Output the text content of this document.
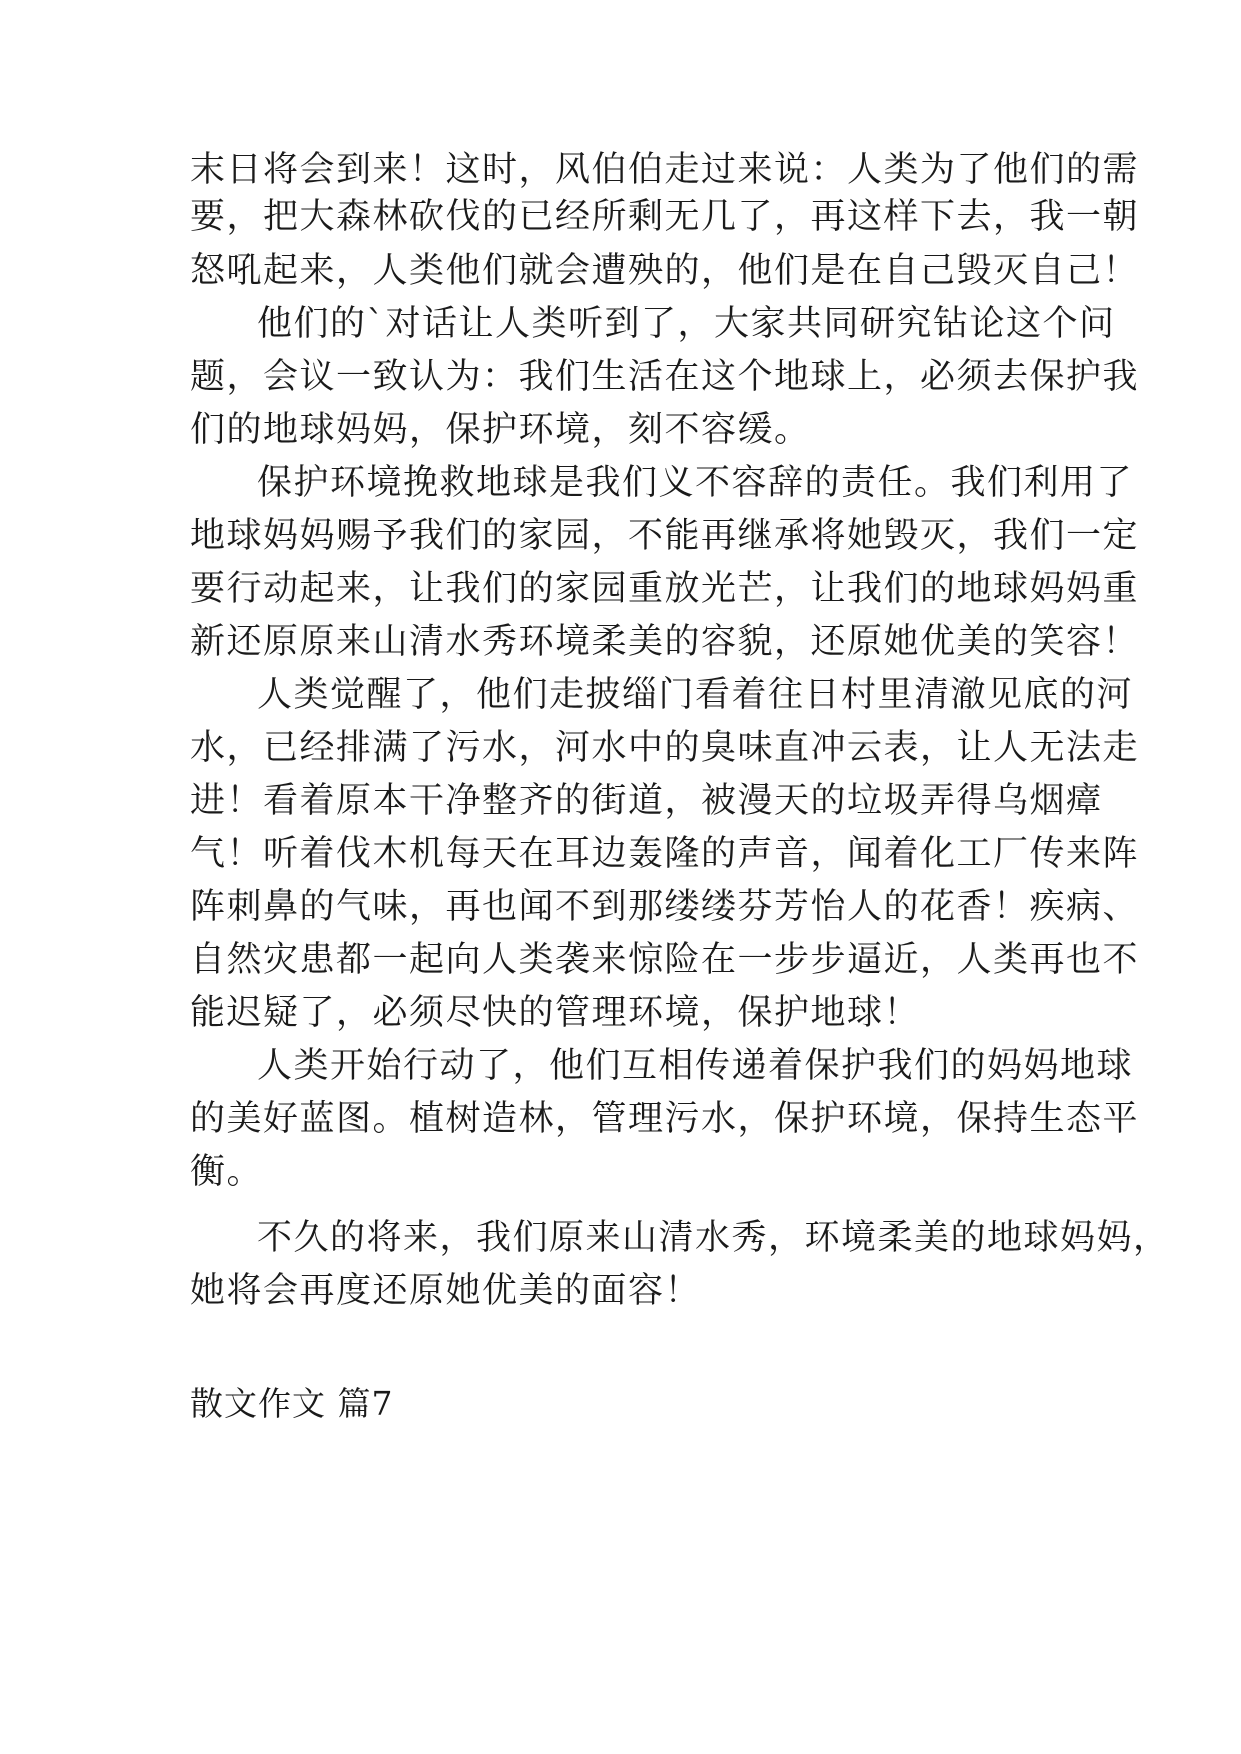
末日将会到来！这时，风伯伯走过来说：人类为了他们的需
要，把大森林砍伐的已经所剩无几了，再这样下去，我一朝
怒吼起来，人类他们就会遭殃的，他们是在自己毁灭自己！
他们的`对话让人类听到了，大家共同研究钻论这个问
题，会议一致认为：我们生活在这个地球上，必须去保护我
们的地球妈妈，保护环境，刻不容缓。
保护环境挽救地球是我们义不容辞的责任。我们利用了
地球妈妈赐予我们的家园，不能再继承将她毁灭，我们一定
要行动起来，让我们的家园重放光芒，让我们的地球妈妈重
新还原原来山清水秀环境柔美的容貌，还原她优美的笑容！
人类觉醒了，他们走披缁门看着往日村里清澈见底的河
水，已经排满了污水，河水中的臭味直冲云表，让人无法走
进！看着原本干净整齐的街道，被漫天的垃圾弄得乌烟瘴
气！听着伐木机每天在耳边轰隆的声音，闻着化工厂传来阵
阵刺鼻的气味，再也闻不到那缕缕芬芳怡人的花香！疾病、
自然灾患都一起向人类袭来惊险在一步步逼近，人类再也不
能迟疑了，必须尽快的管理环境，保护地球！
人类开始行动了，他们互相传递着保护我们的妈妈地球
的美好蓝图。植树造林，管理污水，保护环境，保持生态平
衡。
不久的将来，我们原来山清水秀，环境柔美的地球妈妈，
她将会再度还原她优美的面容！
散文作文 篇7
